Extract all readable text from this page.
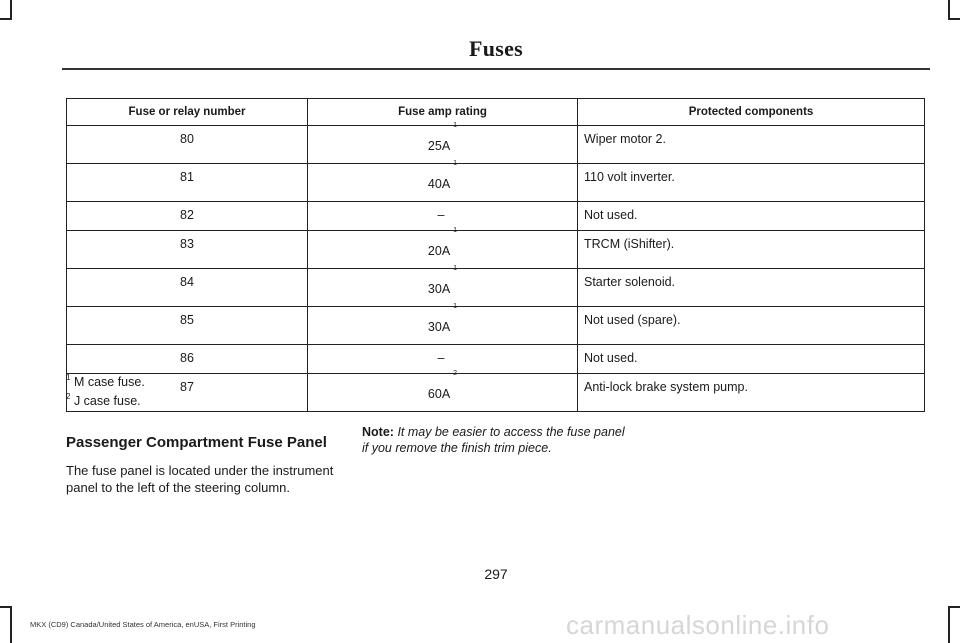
Fuses
Fuse or relay number	Fuse amp rating	Protected components
80	$25A^1$	Wiper motor 2.
81	$40A^1$	110 volt inverter.
82	–	Not used.
83	$20A^1$	TRCM (iShifter).
84	$30A^1$	Starter solenoid.
85	$30A^1$	Not used (spare).
86	–	Not used.
87	$60A^2$	Anti-lock brake system pump.
$^1$ M case fuse.
$^2$ J case fuse.
Passenger Compartment Fuse Panel
The fuse panel is located under the instrument panel to the left of the steering column.
Note: It may be easier to access the fuse panel if you remove the finish trim piece.
297
MKX (CD9) Canada/United States of America, enUSA, First Printing	carmanualsonline.info
